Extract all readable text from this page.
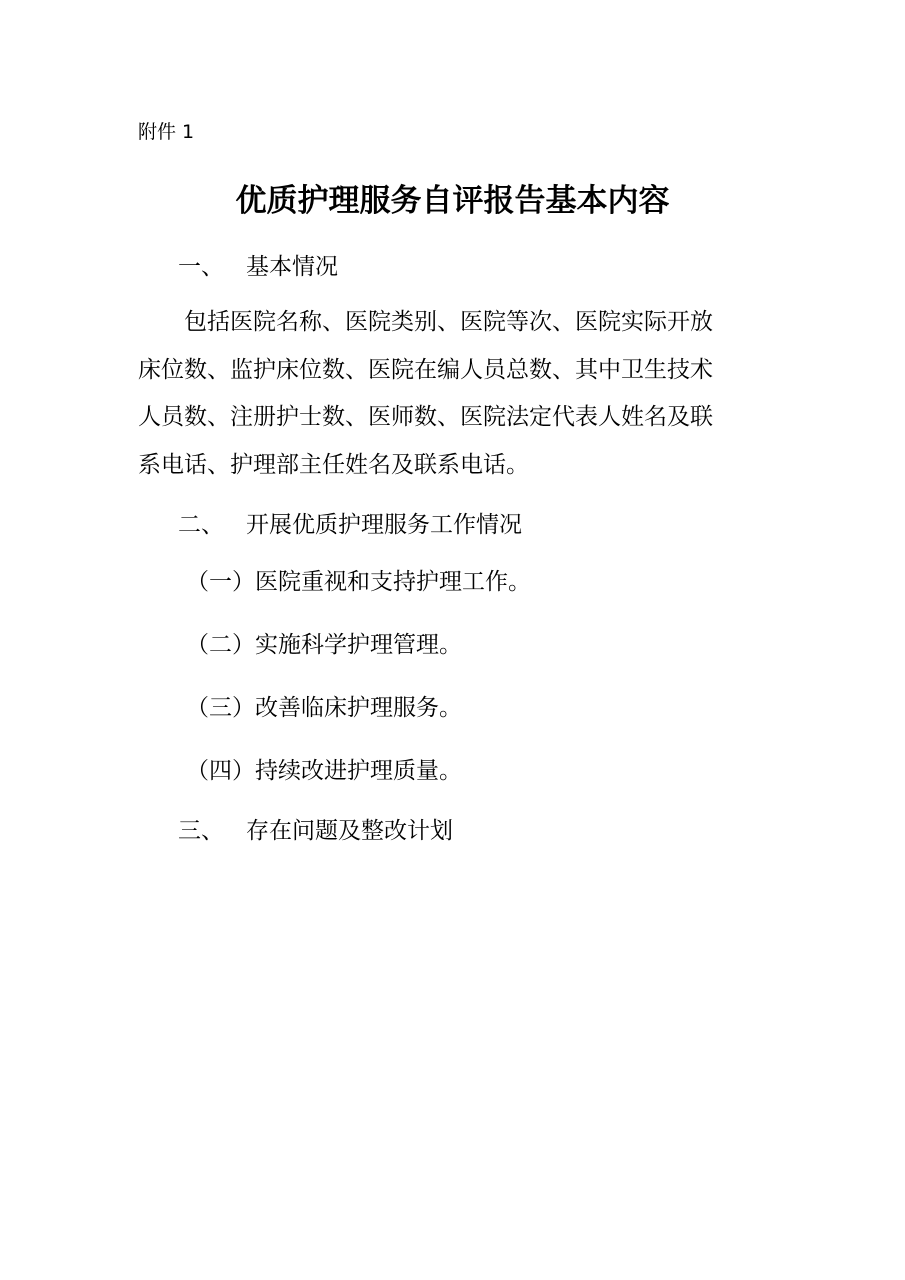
附件 1
优质护理服务自评报告基本内容
一、 基本情况
包括医院名称、医院类别、医院等次、医院实际开放
床位数、监护床位数、医院在编人员总数、其中卫生技术
人员数、注册护士数、医师数、医院法定代表人姓名及联
系电话、护理部主任姓名及联系电话。
二、 开展优质护理服务工作情况
（一）医院重视和支持护理工作。
（二）实施科学护理管理。
（三）改善临床护理服务。
（四）持续改进护理质量。
三、 存在问题及整改计划
